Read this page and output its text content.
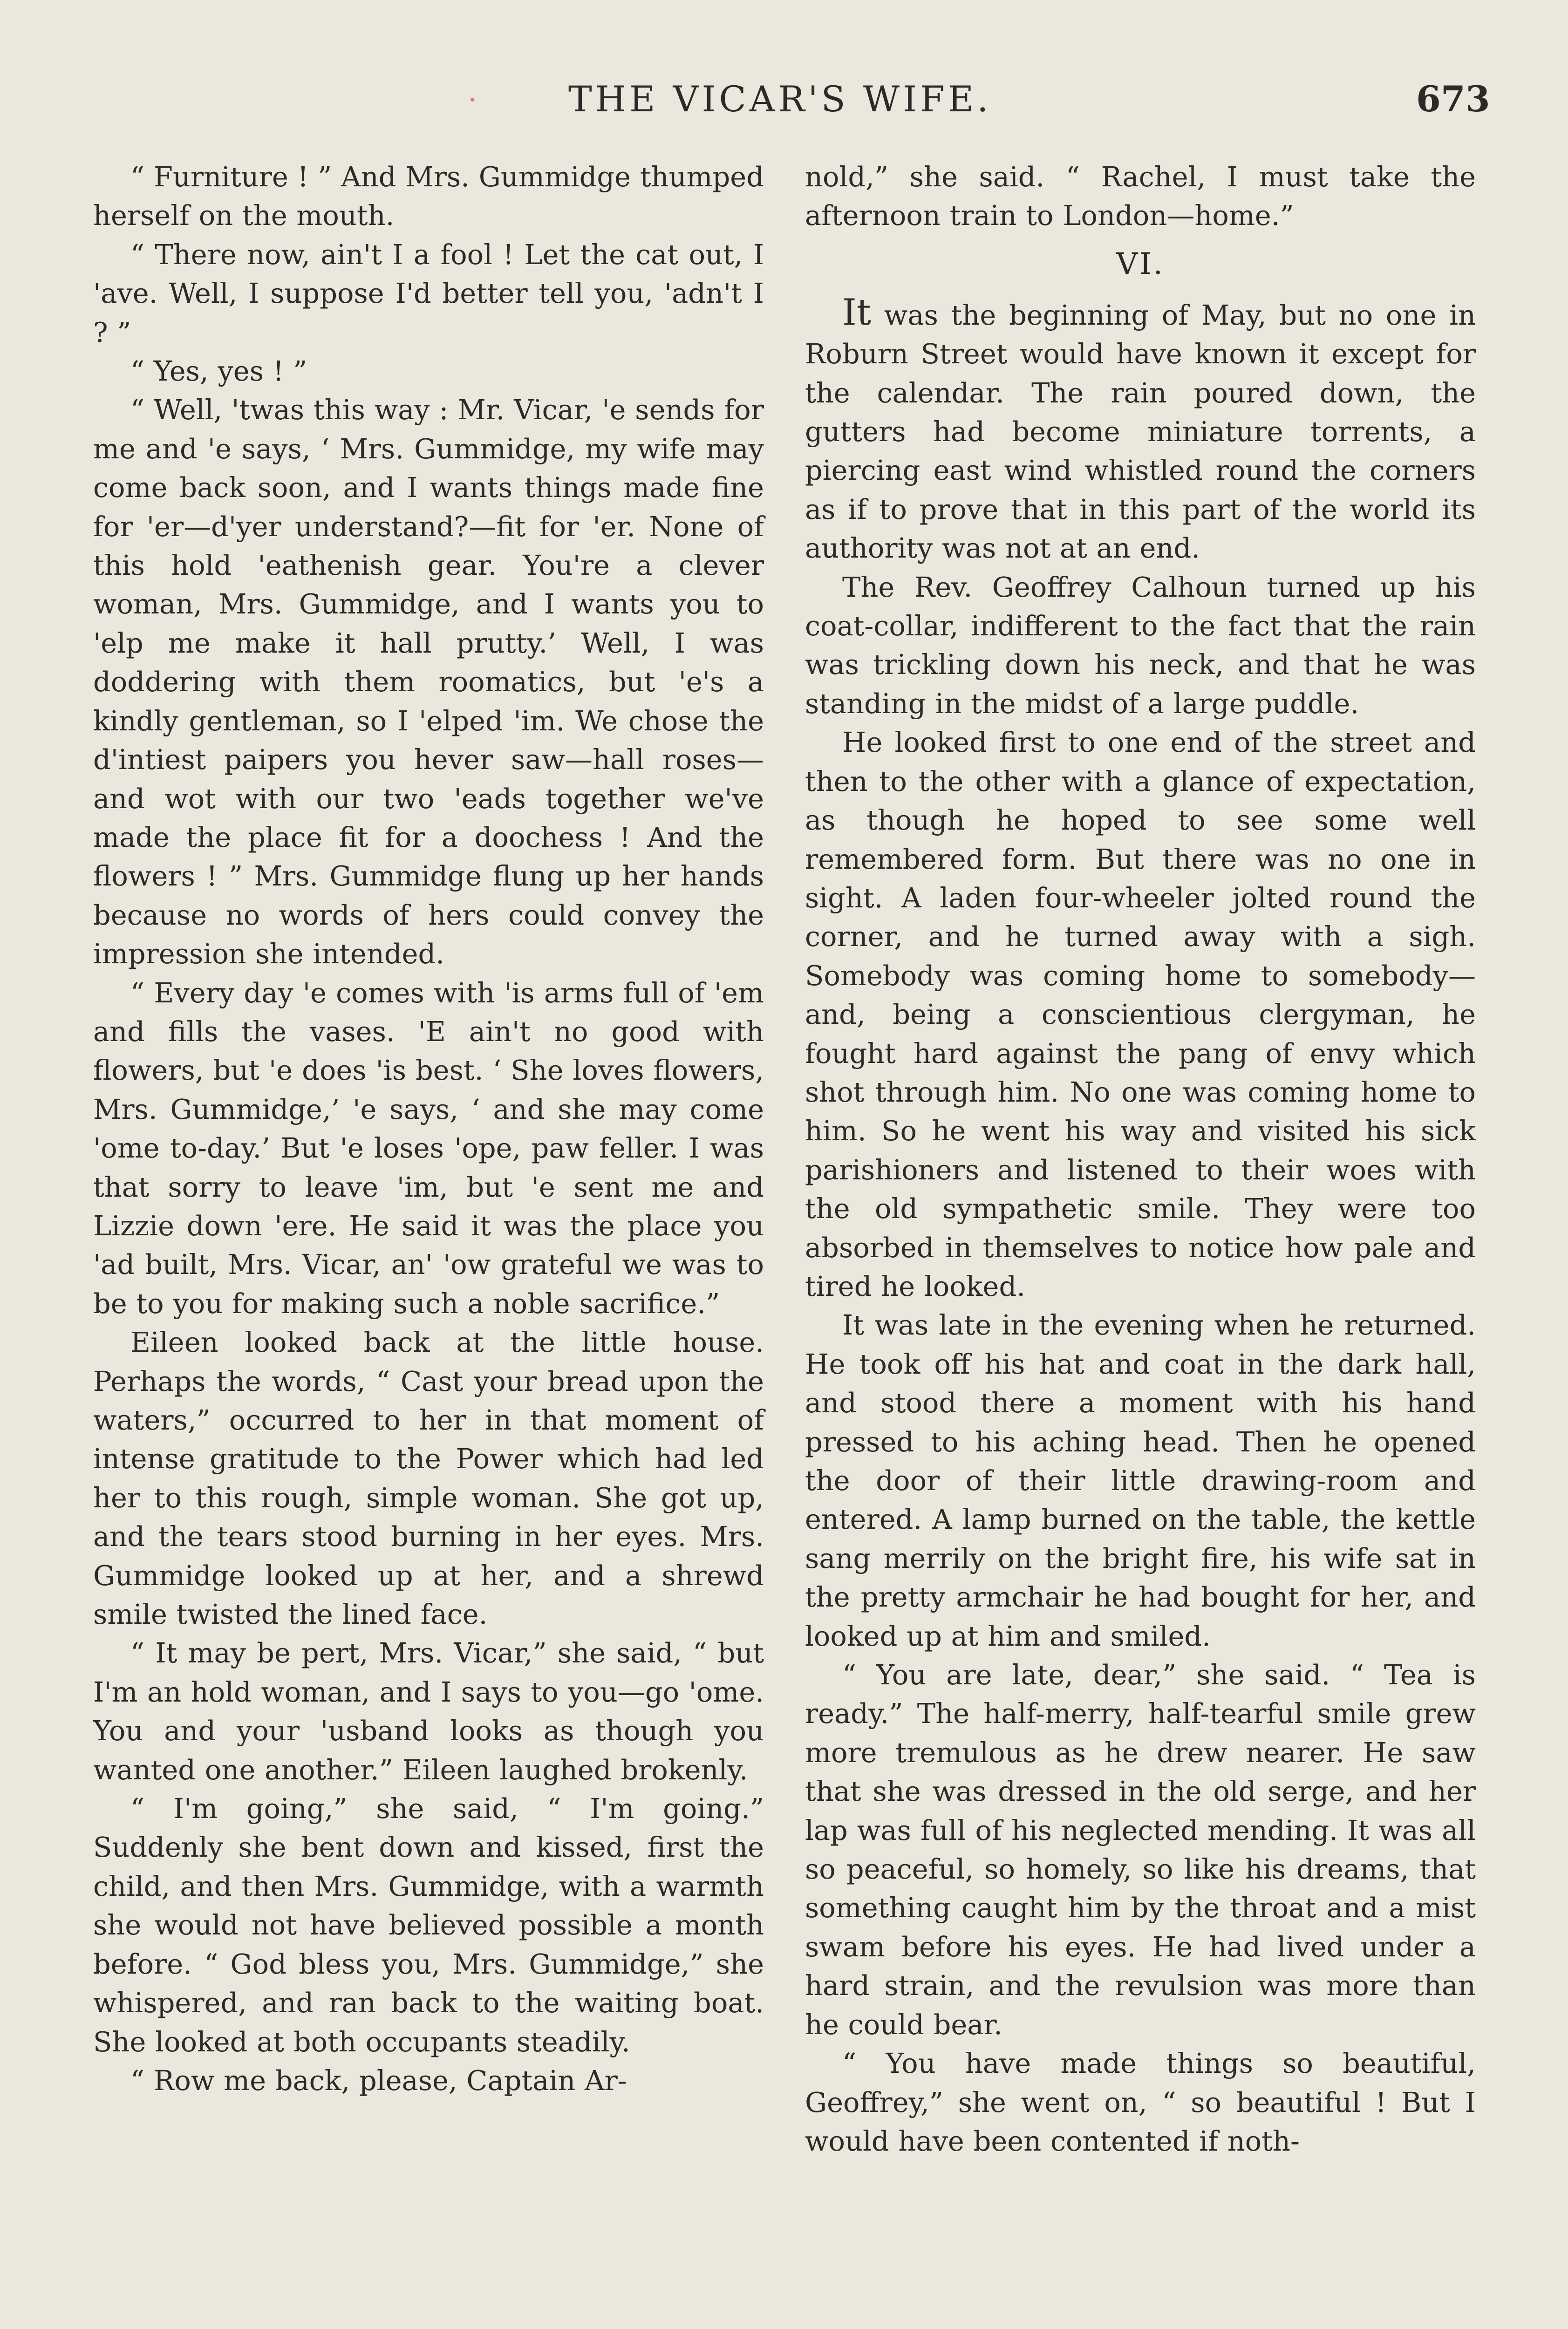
THE VICAR'S WIFE.	673

“ Furniture ! ” And Mrs. Gummidge thumped herself on the mouth.

“ There now, ain't I a fool ! Let the cat out, I 'ave. Well, I suppose I'd better tell you, 'adn't I ? ”

“ Yes, yes ! ”

“ Well, 'twas this way : Mr. Vicar, 'e sends for me and 'e says, ‘ Mrs. Gummidge, my wife may come back soon, and I wants things made fine for 'er—d'yer understand?—fit for 'er. None of this hold 'eathenish gear. You're a clever woman, Mrs. Gummidge, and I wants you to 'elp me make it hall prutty.’ Well, I was doddering with them roomatics, but 'e's a kindly gentleman, so I 'elped 'im. We chose the d'intiest paipers you hever saw—hall roses—and wot with our two 'eads together we've made the place fit for a doochess ! And the flowers ! ” Mrs. Gummidge flung up her hands because no words of hers could convey the impression she intended.

“ Every day 'e comes with 'is arms full of 'em and fills the vases. 'E ain't no good with flowers, but 'e does 'is best. ‘ She loves flowers, Mrs. Gummidge,’ 'e says, ‘ and she may come 'ome to-day.’ But 'e loses 'ope, paw feller. I was that sorry to leave 'im, but 'e sent me and Lizzie down 'ere. He said it was the place you 'ad built, Mrs. Vicar, an' 'ow grateful we was to be to you for making such a noble sacrifice.”

Eileen looked back at the little house. Perhaps the words, “ Cast your bread upon the waters,” occurred to her in that moment of intense gratitude to the Power which had led her to this rough, simple woman. She got up, and the tears stood burning in her eyes. Mrs. Gummidge looked up at her, and a shrewd smile twisted the lined face.

“ It may be pert, Mrs. Vicar,” she said, “ but I'm an hold woman, and I says to you—go 'ome. You and your 'usband looks as though you wanted one another.” Eileen laughed brokenly.

“ I'm going,” she said, “ I'm going.” Suddenly she bent down and kissed, first the child, and then Mrs. Gummidge, with a warmth she would not have believed possible a month before. “ God bless you, Mrs. Gummidge,” she whispered, and ran back to the waiting boat. She looked at both occupants steadily.

“ Row me back, please, Captain Ar-

nold,” she said. “ Rachel, I must take the afternoon train to London—home.”

VI.

It was the beginning of May, but no one in Roburn Street would have known it except for the calendar. The rain poured down, the gutters had become miniature torrents, a piercing east wind whistled round the corners as if to prove that in this part of the world its authority was not at an end.

The Rev. Geoffrey Calhoun turned up his coat-collar, indifferent to the fact that the rain was trickling down his neck, and that he was standing in the midst of a large puddle.

He looked first to one end of the street and then to the other with a glance of expectation, as though he hoped to see some well remembered form. But there was no one in sight. A laden four-wheeler jolted round the corner, and he turned away with a sigh. Somebody was coming home to somebody—and, being a conscientious clergyman, he fought hard against the pang of envy which shot through him. No one was coming home to him. So he went his way and visited his sick parishioners and listened to their woes with the old sympathetic smile. They were too absorbed in themselves to notice how pale and tired he looked.

It was late in the evening when he returned. He took off his hat and coat in the dark hall, and stood there a moment with his hand pressed to his aching head. Then he opened the door of their little drawing-room and entered. A lamp burned on the table, the kettle sang merrily on the bright fire, his wife sat in the pretty armchair he had bought for her, and looked up at him and smiled.

“ You are late, dear,” she said. “ Tea is ready.” The half-merry, half-tearful smile grew more tremulous as he drew nearer. He saw that she was dressed in the old serge, and her lap was full of his neglected mending. It was all so peaceful, so homely, so like his dreams, that something caught him by the throat and a mist swam before his eyes. He had lived under a hard strain, and the revulsion was more than he could bear.

“ You have made things so beautiful, Geoffrey,” she went on, “ so beautiful ! But I would have been contented if noth-
